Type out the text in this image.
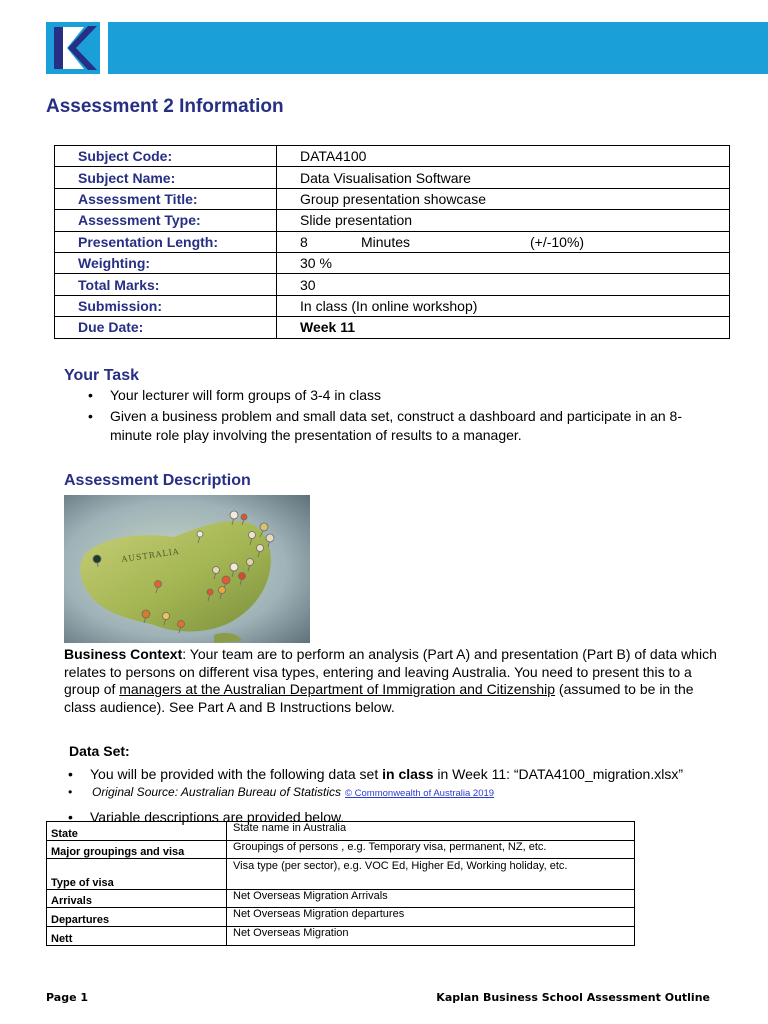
Assessment 2 Information
Subject Code:	DATA4100
Subject Name:	Data Visualisation Software
Assessment Title:	Group presentation showcase
Assessment Type:	Slide presentation
Presentation Length:	8 Minutes (+/-10%)
Weighting:	30 %
Total Marks:	30
Submission:	In class (In online workshop)
Due Date:	Week 11
Your Task
• Your lecturer will form groups of 3-4 in class
• Given a business problem and small data set, construct a dashboard and participate in an 8-minute role play involving the presentation of results to a manager.
Assessment Description
AUSTRALIA

Business Context: Your team are to perform an analysis (Part A) and presentation (Part B) of data which relates to persons on different visa types, entering and leaving Australia. You need to present this to a group of managers at the Australian Department of Immigration and Citizenship (assumed to be in the class audience). See Part A and B Instructions below.

Data Set:
• You will be provided with the following data set in class in Week 11: “DATA4100_migration.xlsx”
• Original Source: Australian Bureau of Statistics © Commonwealth of Australia 2019
• Variable descriptions are provided below.
State	State name in Australia
Major groupings and visa	Groupings of persons , e.g. Temporary visa, permanent, NZ, etc.
Type of visa	Visa type (per sector), e.g. VOC Ed, Higher Ed, Working holiday, etc.
Arrivals	Net Overseas Migration Arrivals
Departures	Net Overseas Migration departures
Nett	Net Overseas Migration
Page 1	Kaplan Business School Assessment Outline
